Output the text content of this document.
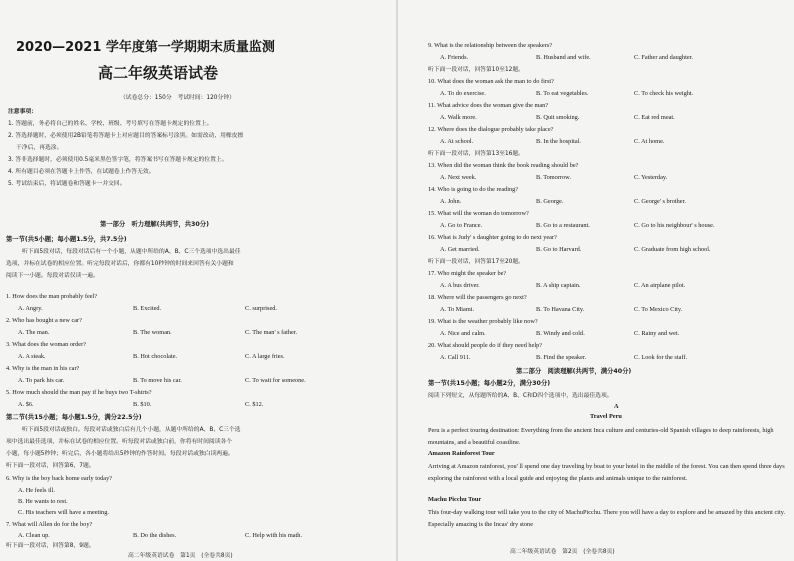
2020—2021 学年度第一学期期末质量监测
高二年级英语试卷
（试卷总分：150分　考试时间：120分钟）
注意事项：
1. 答题前，务必将自己的姓名、学校、班级、考号填写在答题卡规定的位置上。
2. 答选择题时，必须使用2B铅笔将答题卡上对应题目的答案标号涂黑。如需改动，用橡皮擦
干净后，再选涂。
3. 答非选择题时，必须使用0.5毫米黑色签字笔，将答案书写在答题卡规定的位置上。
4. 所有题目必须在答题卡上作答，在试题卷上作答无效。
5. 考试结束后，将试题卷和答题卡一并交回。
第一部分　听力理解(共两节，共30分)
第一节(共5小题；每小题1.5分，共7.5分)
听下面5段对话，每段对话后有一个小题，从题中所给的A、B、C三个选项中选出最佳
选项，并标在试卷的相应位置。听完每段对话后，你都有10秒钟的时间来回答有关小题和
阅读下一小题。每段对话仅读一遍。
1. How does the man probably feel?
A. Angry.	B. Excited.	C. surprised.
2. Who has bought a new car?
A. The man.	B. The woman.	C. The man' s father.
3. What does the woman order?
A. A steak.	B. Hot chocolate.	C. A large fries.
4. Why is the man in his car?
A. To park his car.	B. To move his car.	C. To wait for someone.
5. How much should the man pay if he buys two T-shirts?
A. $6.	B. $10.	C. $12.
第二节(共15小题；每小题1.5分，满分22.5分)
听下面5段对话或独白。每段对话或独白后有几个小题，从题中所给的A、B、C三个选
项中选出最佳选项，并标在试卷的相应位置。听每段对话或独白前，你将有时间阅读各个
小题，每小题5秒钟；听完后，各小题将给出5秒钟的作答时间。每段对话或独白读两遍。
听下面一段对话，回答第6，7题。
6. Why is the boy back home early today?
A. He feels ill.
B. He wants to rest.
C. His teachers will have a meeting.
7. What will Allen do for the boy?
A. Clean up.	B. Do the dishes.	C. Help with his math.
听下面一段对话，回答第8，9题。
高二年级英语试卷　第1页　(全卷共8页)
9. What is the relationship between the speakers?
A. Friends.	B. Husband and wife.	C. Father and daughter.
听下面一段对话，回答第10至12题。
10. What does the woman ask the man to do first?
A. To do exercise.	B. To eat vegetables.	C. To check his weight.
11. What advice does the woman give the man?
A. Walk more.	B. Quit smoking.	C. Eat red meat.
12. Where does the dialogue probably take place?
A. At school.	B. In the hospital.	C. At home.
听下面一段对话，回答第13至16题。
13. When did the woman think the book reading should be?
A. Next week.	B. Tomorrow.	C. Yesterday.
14. Who is going to do the reading?
A. John.	B. George.	C. George' s brother.
15. What will the woman do tomorrow?
A. Go to France.	B. Go to a restaurant.	C. Go to his neighbour' s house.
16. What is Judy' s daughter going to do next year?
A. Get married.	B. Go to Harvard.	C. Graduate from high school.
听下面一段对话，回答第17至20题。
17. Who might the speaker be?
A. A bus driver.	B. A ship captain.	C. An airplane pilot.
18. Where will the passengers go next?
A. To Miami.	B. To Havana City.	C. To Mexico City.
19. What is the weather probably like now?
A. Nice and calm.	B. Windy and cold.	C. Rainy and wet.
20. What should people do if they need help?
A. Call 911.	B. Find the speaker.	C. Look for the staff.
第二部分　阅读理解(共两节，满分40分)
第一节(共15小题；每小题2分，满分30分)
阅读下列短文，从每题所给的A、B、C和D四个选项中，选出最佳选项。
A
Travel Peru
Peru is a perfect touring destination: Everything from the ancient Inca culture and centuries-old Spanish villages to deep rainforests, high mountains, and a beautiful coastline.
Amazon Rainforest Tour
Arriving at Amazon rainforest, you' ll spend one day traveling by boat to your hotel in the middle of the forest. You can then spend three days exploring the rainforest with a local guide and enjoying the plants and animals unique to the rainforest.
Machu Picchu Tour
This four-day walking tour will take you to the city of MachuPicchu. There you will have a day to explore and be amazed by this ancient city. Especially amazing is the Incas' dry stone
高二年级英语试卷　第2页　(全卷共8页)
